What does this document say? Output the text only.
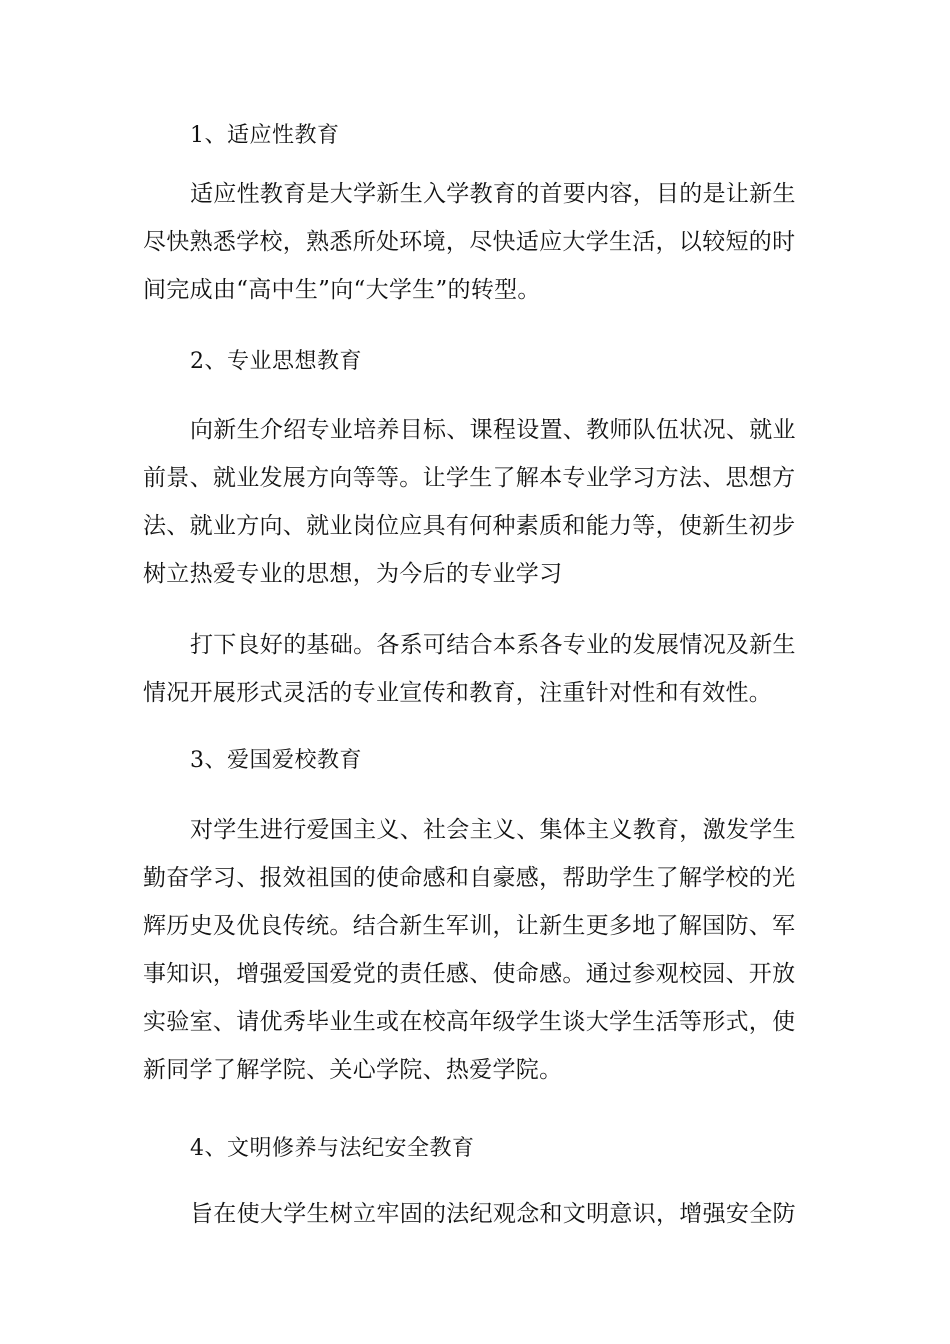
1、适应性教育
适应性教育是大学新生入学教育的首要内容，目的是让新生
尽快熟悉学校，熟悉所处环境，尽快适应大学生活，以较短的时
间完成由“高中生”向“大学生”的转型。
2、专业思想教育
向新生介绍专业培养目标、课程设置、教师队伍状况、就业
前景、就业发展方向等等。让学生了解本专业学习方法、思想方
法、就业方向、就业岗位应具有何种素质和能力等，使新生初步
树立热爱专业的思想，为今后的专业学习
打下良好的基础。各系可结合本系各专业的发展情况及新生
情况开展形式灵活的专业宣传和教育，注重针对性和有效性。
3、爱国爱校教育
对学生进行爱国主义、社会主义、集体主义教育，激发学生
勤奋学习、报效祖国的使命感和自豪感，帮助学生了解学校的光
辉历史及优良传统。结合新生军训，让新生更多地了解国防、军
事知识，增强爱国爱党的责任感、使命感。通过参观校园、开放
实验室、请优秀毕业生或在校高年级学生谈大学生活等形式，使
新同学了解学院、关心学院、热爱学院。
4、文明修养与法纪安全教育
旨在使大学生树立牢固的法纪观念和文明意识，增强安全防
